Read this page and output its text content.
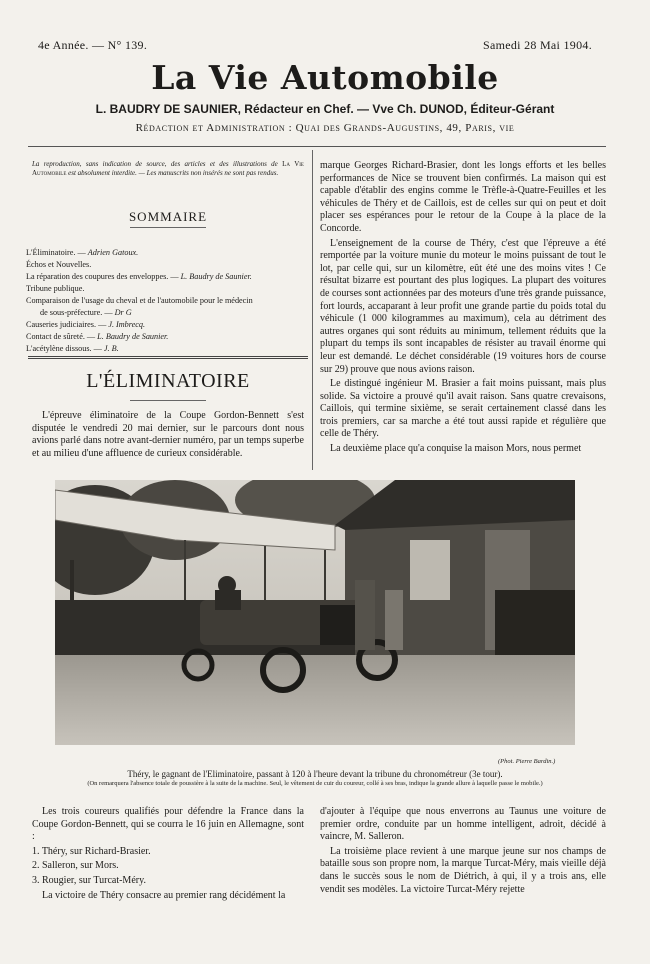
4e Année. — N° 139.	Samedi 28 Mai 1904.
La Vie Automobile
L. BAUDRY DE SAUNIER, Rédacteur en Chef. — Vve Ch. DUNOD, Éditeur-Gérant
Rédaction et Administration : Quai des Grands-Augustins, 49, Paris, vie
La reproduction, sans indication de source, des articles et des illustrations de La Vie Automobile est absolument interdite. — Les manuscrits non insérés ne sont pas rendus.
SOMMAIRE
L'Éliminatoire. — Adrien Gatoux.
Échos et Nouvelles.
La réparation des coupures des enveloppes. — L. Baudry de Saunier.
Tribune publique.
Comparaison de l'usage du cheval et de l'automobile pour le médecin
de sous-préfecture. — Dr G
Causeries judiciaires. — J. Imbrecq.
Contact de sûreté. — L. Baudry de Saunier.
L'acétylène dissous. — J. B.
L'ÉLIMINATOIRE

L'épreuve éliminatoire de la Coupe Gordon-Bennett s'est disputée le vendredi 20 mai dernier, sur le parcours dont nous avions parlé dans notre avant-dernier numéro, par un temps superbe et au milieu d'une affluence de curieux considérable.

marque Georges Richard-Brasier, dont les longs efforts et les belles performances de Nice se trouvent bien confirmés. La maison qui est capable d'établir des engins comme le Trèfle-à-Quatre-Feuilles et les véhicules de Théry et de Caillois, est de celles sur qui on peut et doit placer ses espérances pour le retour de la Coupe à la place de la Concorde.

L'enseignement de la course de Théry, c'est que l'épreuve a été remportée par la voiture munie du moteur le moins puissant de tout le lot, par celle qui, sur un kilomètre, eût été une des moins vites ! Ce résultat bizarre est pourtant des plus logiques. La plupart des voitures de courses sont actionnées par des moteurs d'une très grande puissance, fort lourds, accaparant à leur profit une grande partie du poids total du véhicule (1 000 kilogrammes au maximum), cela au détriment des autres organes qui sont réduits au minimum, tellement réduits que la plupart du temps ils sont incapables de résister au travail énorme qui leur est demandé. Le déchet considérable (19 voitures hors de course sur 29) prouve que nous avions raison.

Le distingué ingénieur M. Brasier a fait moins puissant, mais plus solide. Sa victoire a prouvé qu'il avait raison. Sans quatre crevaisons, Caillois, qui termine sixième, se serait certainement classé dans les trois premiers, car sa marche a été tout aussi rapide et régulière que celle de Théry.

La deuxième place qu'a conquise la maison Mors, nous permet

(Phot. Pierre Bardin.)
Théry, le gagnant de l'Eliminatoire, passant à 120 à l'heure devant la tribune du chronométreur (3e tour).
(On remarquera l'absence totale de poussière à la suite de la machine. Seul, le vêtement de cuir du coureur, collé à ses bras, indique la grande allure à laquelle passe le mobile.)

Les trois coureurs qualifiés pour défendre la France dans la Coupe Gordon-Bennett, qui se courra le 16 juin en Allemagne, sont :

1. Théry, sur Richard-Brasier.

2. Salleron, sur Mors.

3. Rougier, sur Turcat-Méry.

La victoire de Théry consacre au premier rang décidément la

d'ajouter à l'équipe que nous enverrons au Taunus une voiture de premier ordre, conduite par un homme intelligent, adroit, décidé à vaincre, M. Salleron.

La troisième place revient à une marque jeune sur nos champs de bataille sous son propre nom, la marque Turcat-Méry, mais vieille déjà dans le succès sous le nom de Diétrich, à qui, il y a trois ans, elle vendit ses modèles. La victoire Turcat-Méry rejette
